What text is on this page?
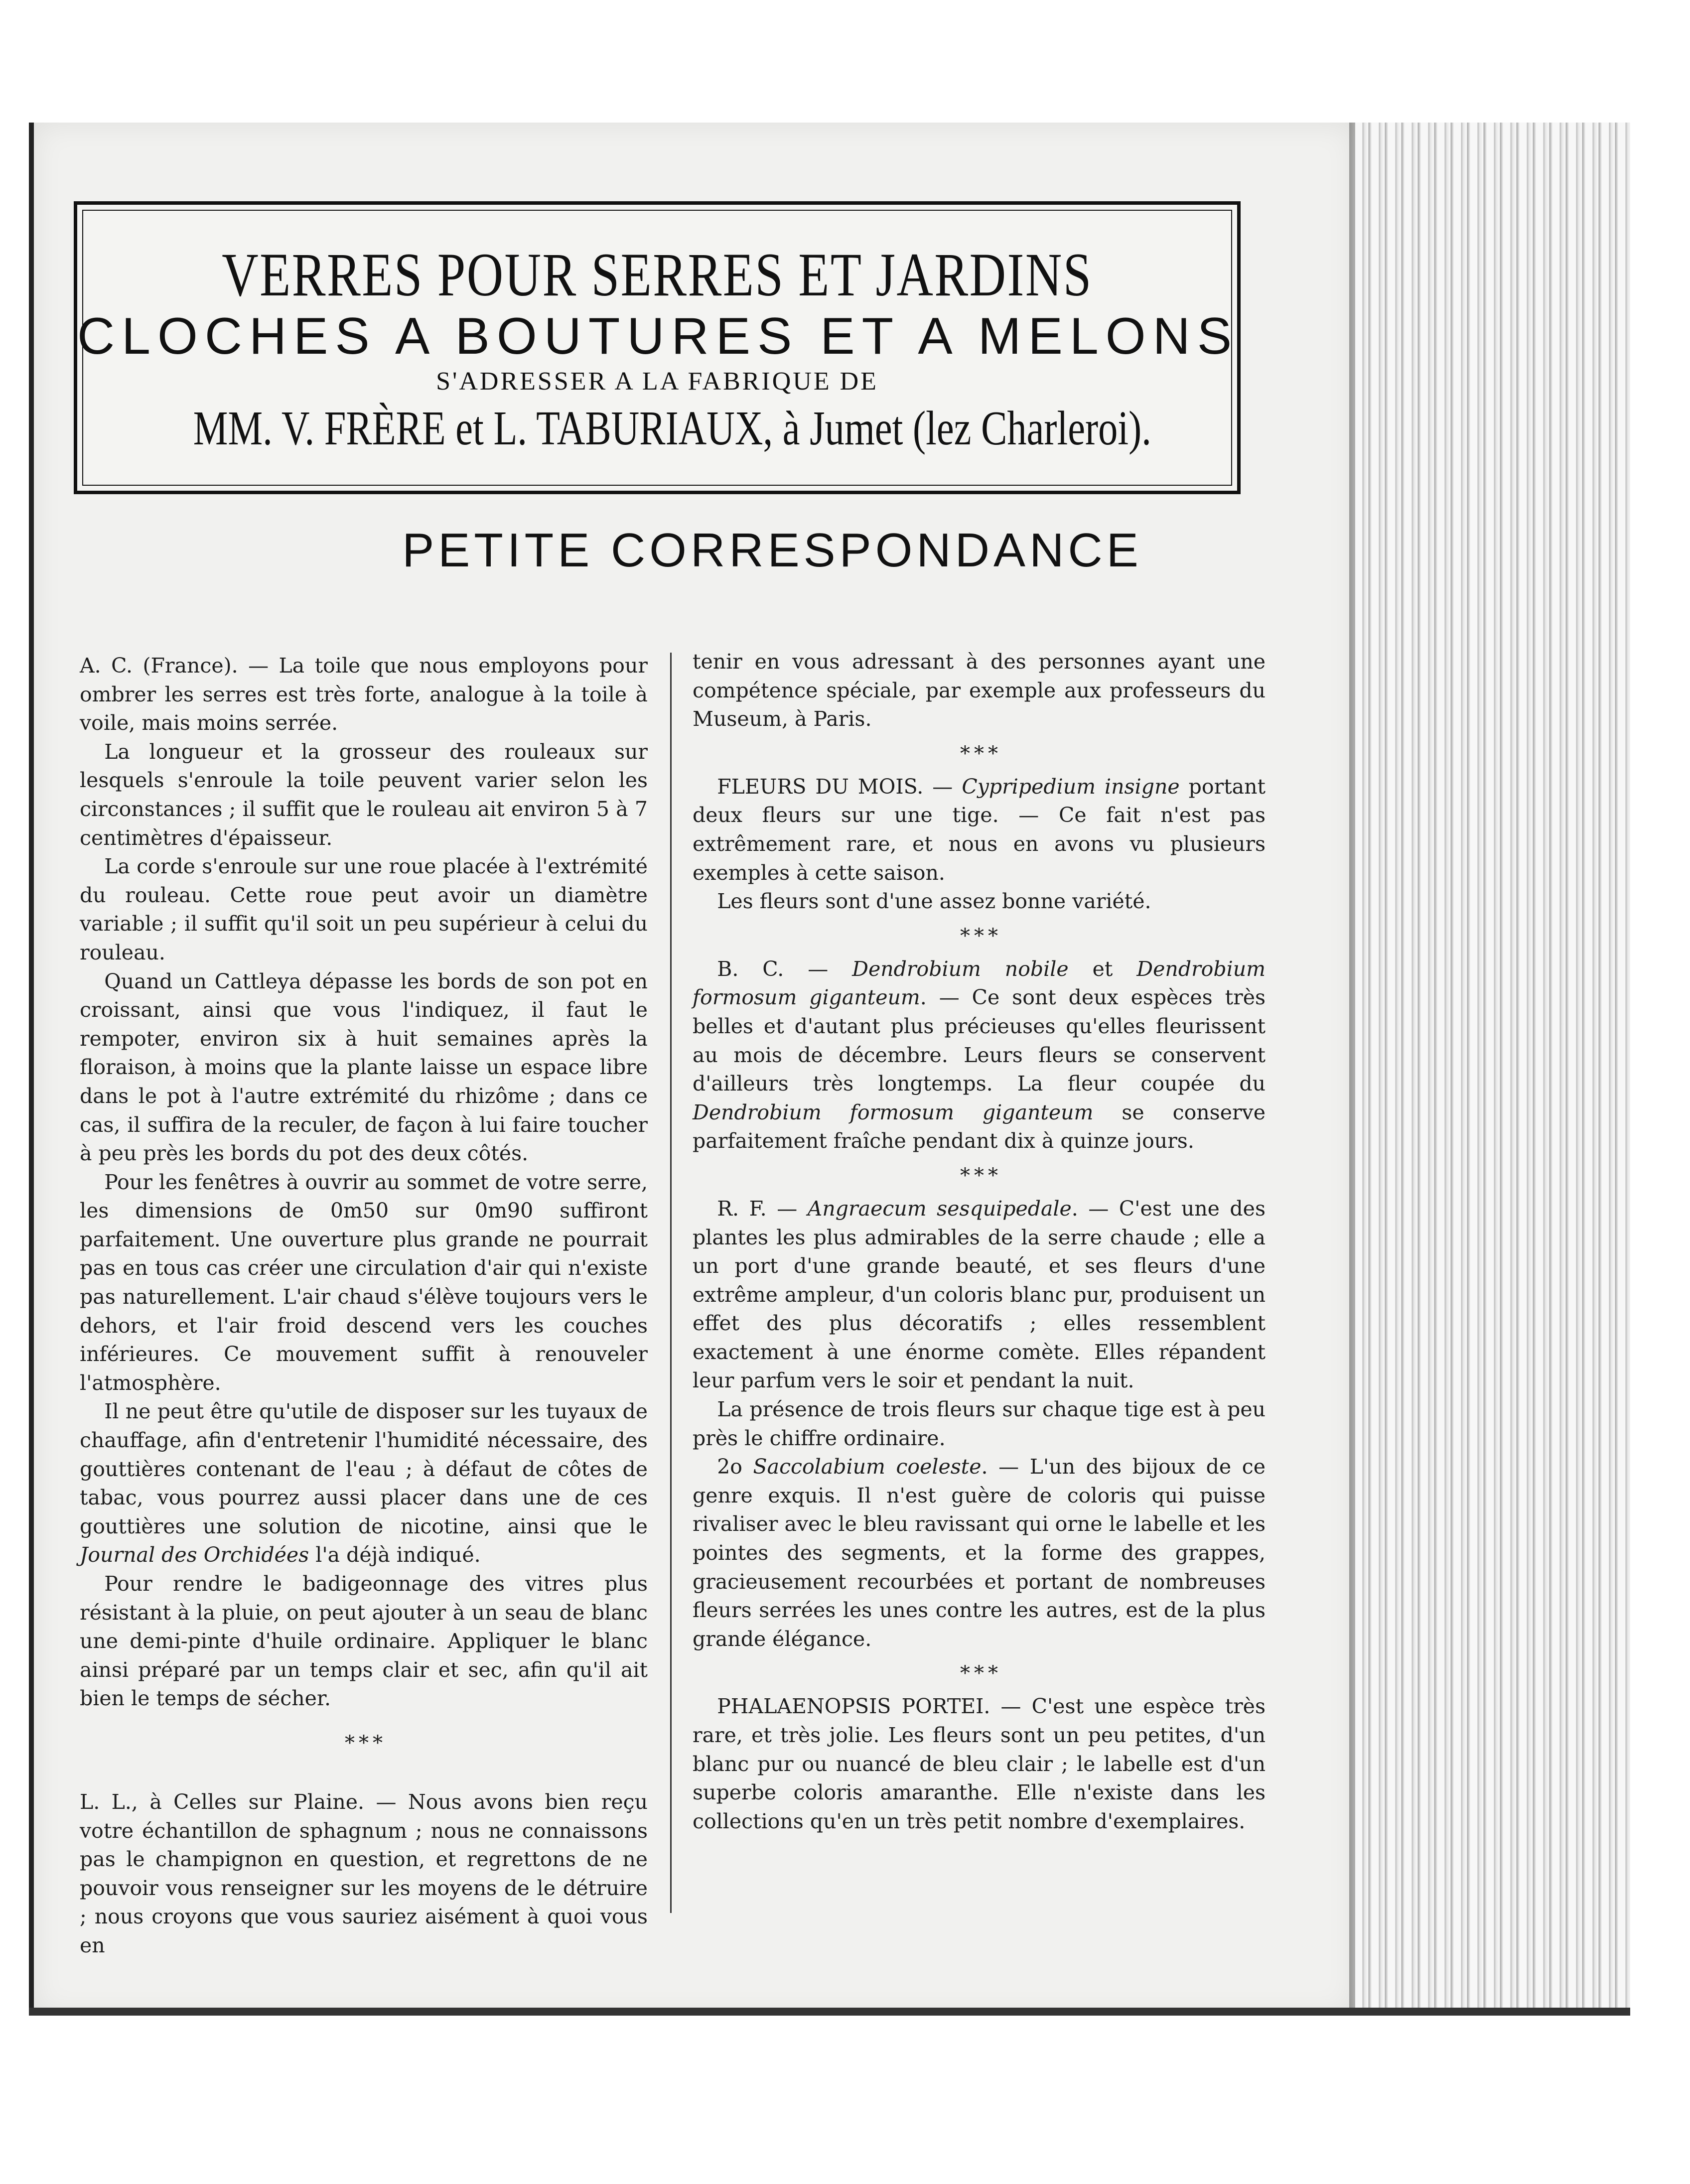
VERRES POUR SERRES ET JARDINS
CLOCHES A BOUTURES ET A MELONS
S'ADRESSER A LA FABRIQUE DE
MM. V. FRÈRE et L. TABURIAUX, à Jumet (lez Charleroi).
PETITE CORRESPONDANCE

A. C. (France). — La toile que nous employons pour ombrer les serres est très forte, analogue à la toile à voile, mais moins serrée.

La longueur et la grosseur des rouleaux sur lesquels s'enroule la toile peuvent varier selon les circonstances ; il suffit que le rouleau ait environ 5 à 7 centimètres d'épaisseur.

La corde s'enroule sur une roue placée à l'extrémité du rouleau. Cette roue peut avoir un diamètre variable ; il suffit qu'il soit un peu supérieur à celui du rouleau.

Quand un Cattleya dépasse les bords de son pot en croissant, ainsi que vous l'indiquez, il faut le rempoter, environ six à huit semaines après la floraison, à moins que la plante laisse un espace libre dans le pot à l'autre extrémité du rhizôme ; dans ce cas, il suffira de la reculer, de façon à lui faire toucher à peu près les bords du pot des deux côtés.

Pour les fenêtres à ouvrir au sommet de votre serre, les dimensions de 0m50 sur 0m90 suffiront parfaitement. Une ouverture plus grande ne pourrait pas en tous cas créer une circulation d'air qui n'existe pas naturellement. L'air chaud s'élève toujours vers le dehors, et l'air froid descend vers les couches inférieures. Ce mouvement suffit à renouveler l'atmosphère.

Il ne peut être qu'utile de disposer sur les tuyaux de chauffage, afin d'entretenir l'humidité nécessaire, des gouttières contenant de l'eau ; à défaut de côtes de tabac, vous pourrez aussi placer dans une de ces gouttières une solution de nicotine, ainsi que le Journal des Orchidées l'a déjà indiqué.

Pour rendre le badigeonnage des vitres plus résistant à la pluie, on peut ajouter à un seau de blanc une demi-pinte d'huile ordinaire. Appliquer le blanc ainsi préparé par un temps clair et sec, afin qu'il ait bien le temps de sécher.

* * *

L. L., à Celles sur Plaine. — Nous avons bien reçu votre échantillon de sphagnum ; nous ne connaissons pas le champignon en question, et regrettons de ne pouvoir vous renseigner sur les moyens de le détruire ; nous croyons que vous sauriez aisément à quoi vous en

tenir en vous adressant à des personnes ayant une compétence spéciale, par exemple aux professeurs du Museum, à Paris.

* * *

FLEURS DU MOIS. — Cypripedium insigne portant deux fleurs sur une tige. — Ce fait n'est pas extrêmement rare, et nous en avons vu plusieurs exemples à cette saison.

Les fleurs sont d'une assez bonne variété.

* * *

B. C. — Dendrobium nobile et Dendrobium formosum giganteum. — Ce sont deux espèces très belles et d'autant plus précieuses qu'elles fleurissent au mois de décembre. Leurs fleurs se conservent d'ailleurs très longtemps. La fleur coupée du Dendrobium formosum giganteum se conserve parfaitement fraîche pendant dix à quinze jours.

* * *

R. F. — Angraecum sesquipedale. — C'est une des plantes les plus admirables de la serre chaude ; elle a un port d'une grande beauté, et ses fleurs d'une extrême ampleur, d'un coloris blanc pur, produisent un effet des plus décoratifs ; elles ressemblent exactement à une énorme comète. Elles répandent leur parfum vers le soir et pendant la nuit.

La présence de trois fleurs sur chaque tige est à peu près le chiffre ordinaire.

2o Saccolabium coeleste. — L'un des bijoux de ce genre exquis. Il n'est guère de coloris qui puisse rivaliser avec le bleu ravissant qui orne le labelle et les pointes des segments, et la forme des grappes, gracieusement recourbées et portant de nombreuses fleurs serrées les unes contre les autres, est de la plus grande élégance.

* * *

PHALAENOPSIS PORTEI. — C'est une espèce très rare, et très jolie. Les fleurs sont un peu petites, d'un blanc pur ou nuancé de bleu clair ; le labelle est d'un superbe coloris amaranthe. Elle n'existe dans les collections qu'en un très petit nombre d'exemplaires.
